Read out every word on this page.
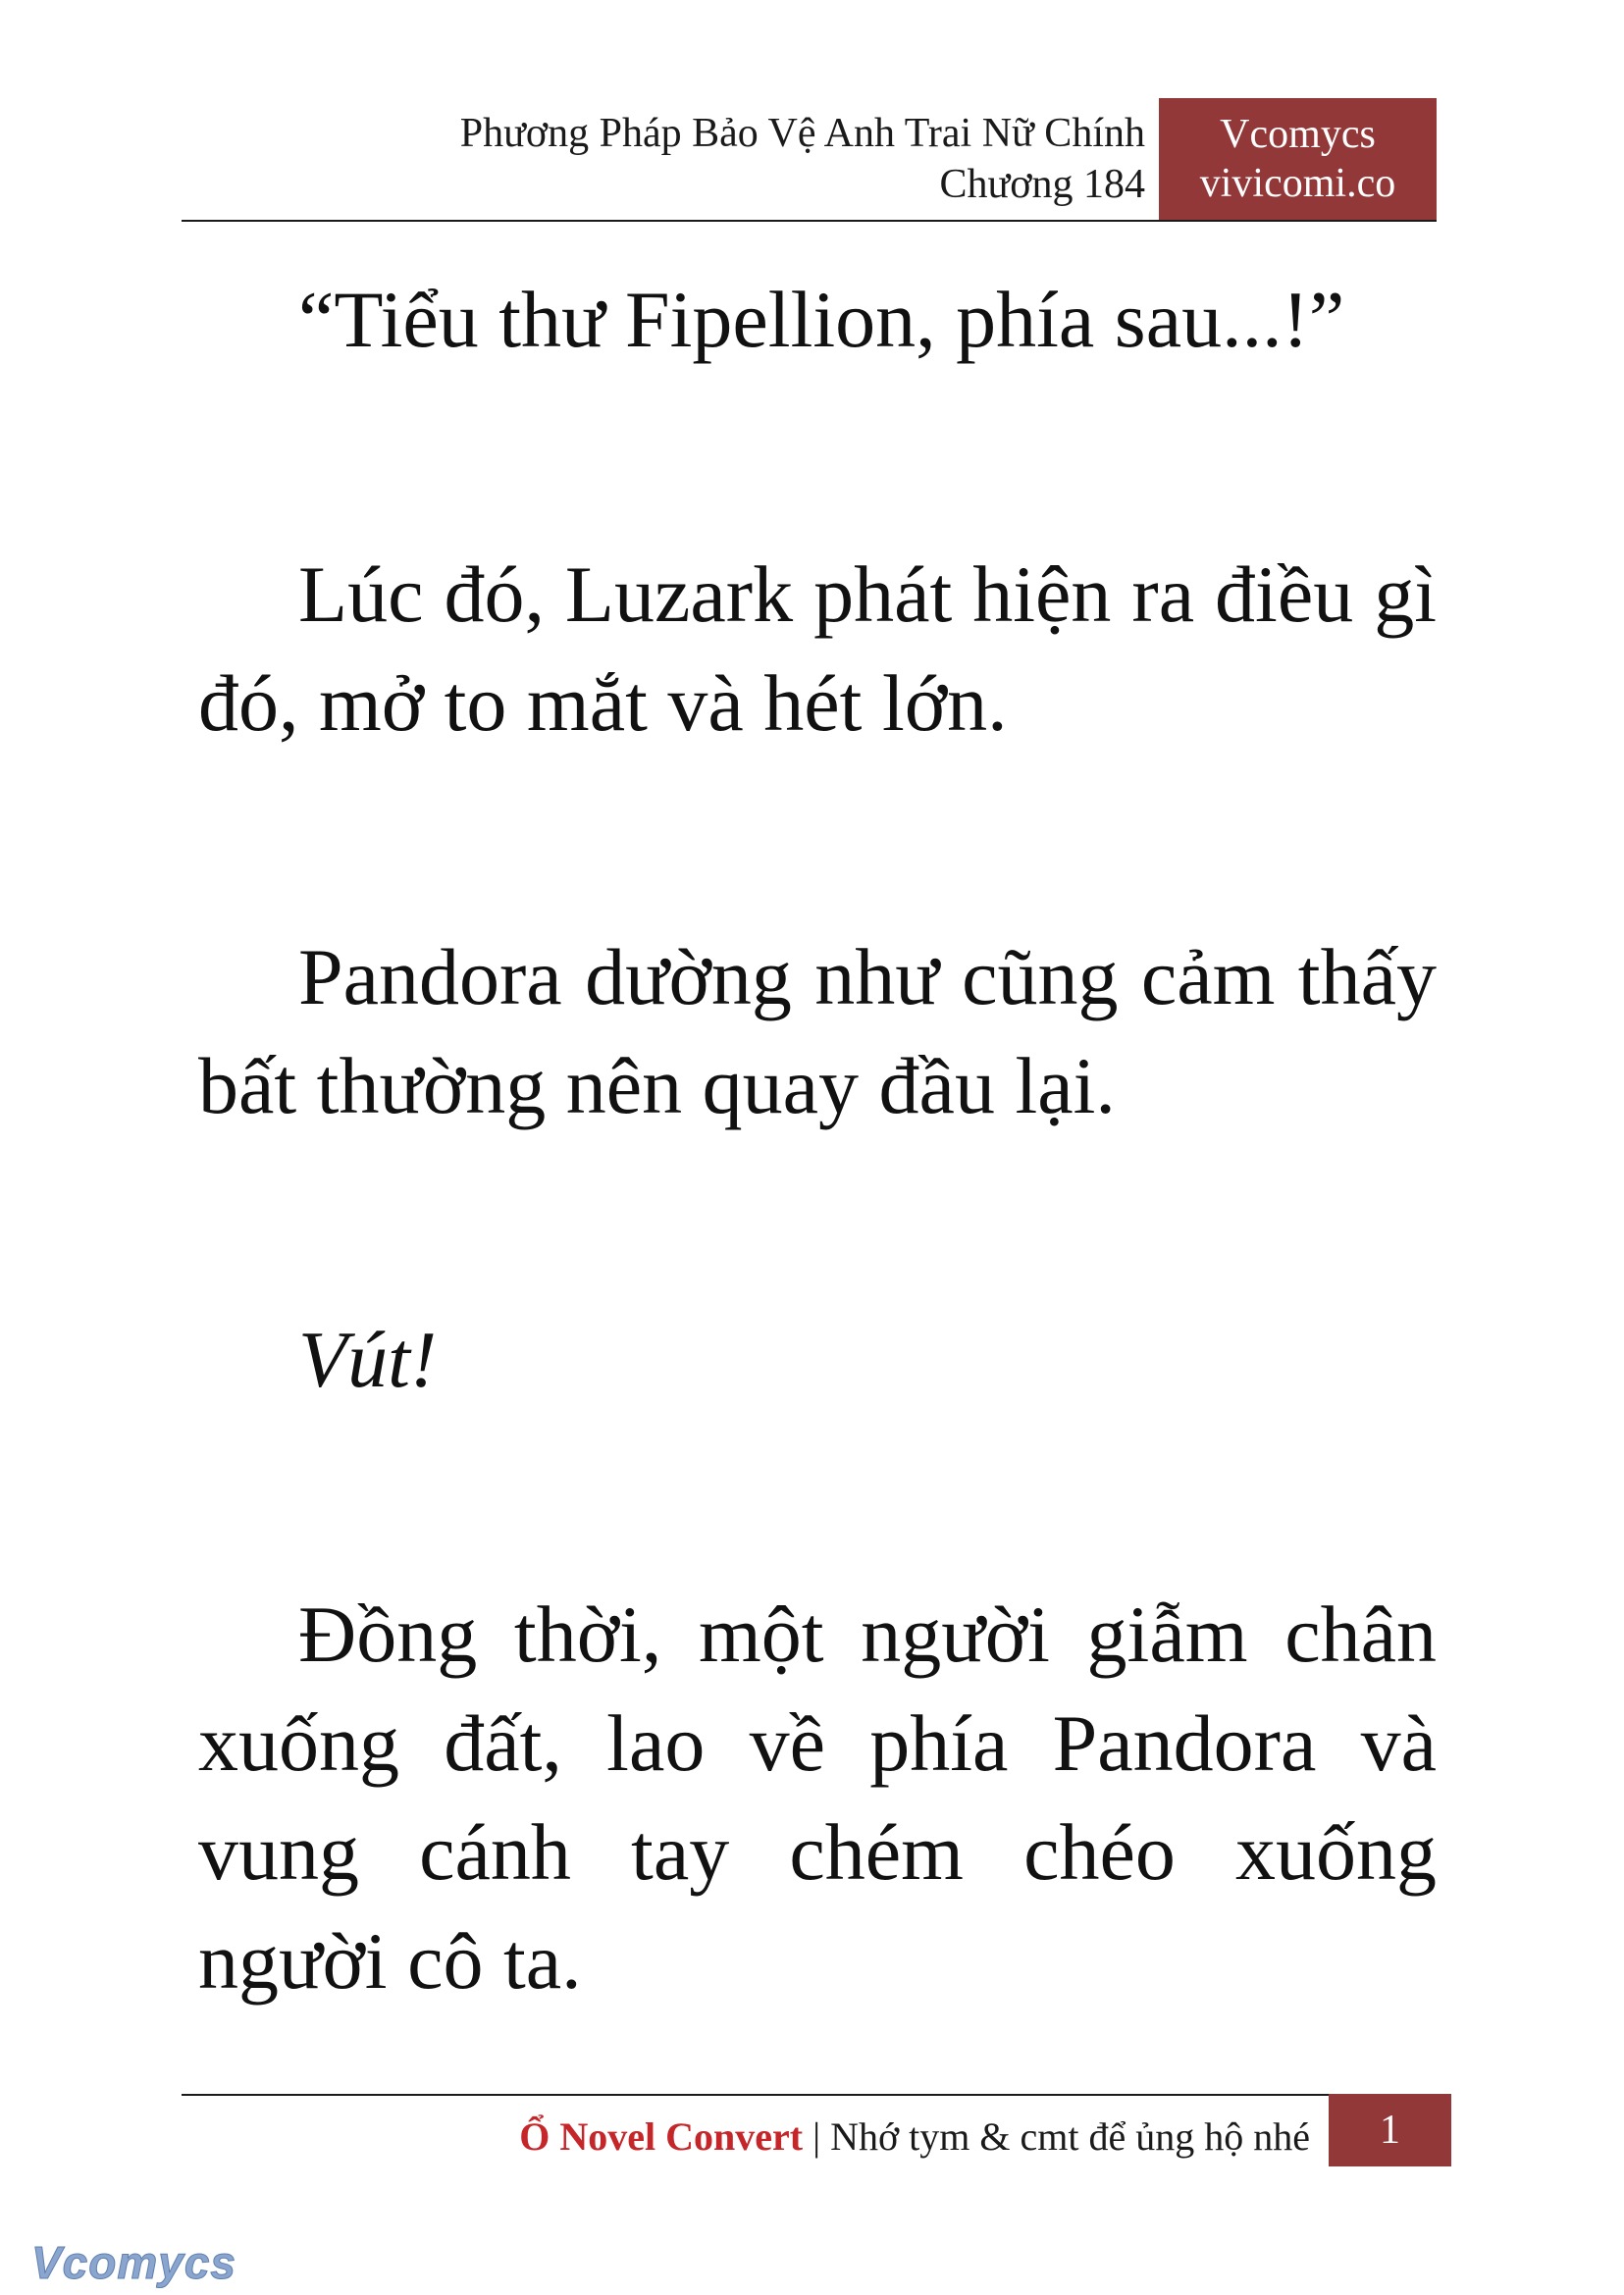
Phương Pháp Bảo Vệ Anh Trai Nữ Chính
Chương 184
Vcomycs
vivicomi.co

“Tiểu thư Fipellion, phía sau...!”

Lúc đó, Luzark phát hiện ra điều gì đó, mở to mắt và hét lớn.

Pandora dường như cũng cảm thấy bất thường nên quay đầu lại.

Vút!

Đồng thời, một người giẫm chân xuống đất, lao về phía Pandora và vung cánh tay chém chéo xuống người cô ta.

Ổ Novel Convert | Nhớ tym & cmt để ủng hộ nhé	1
Vcomycs
